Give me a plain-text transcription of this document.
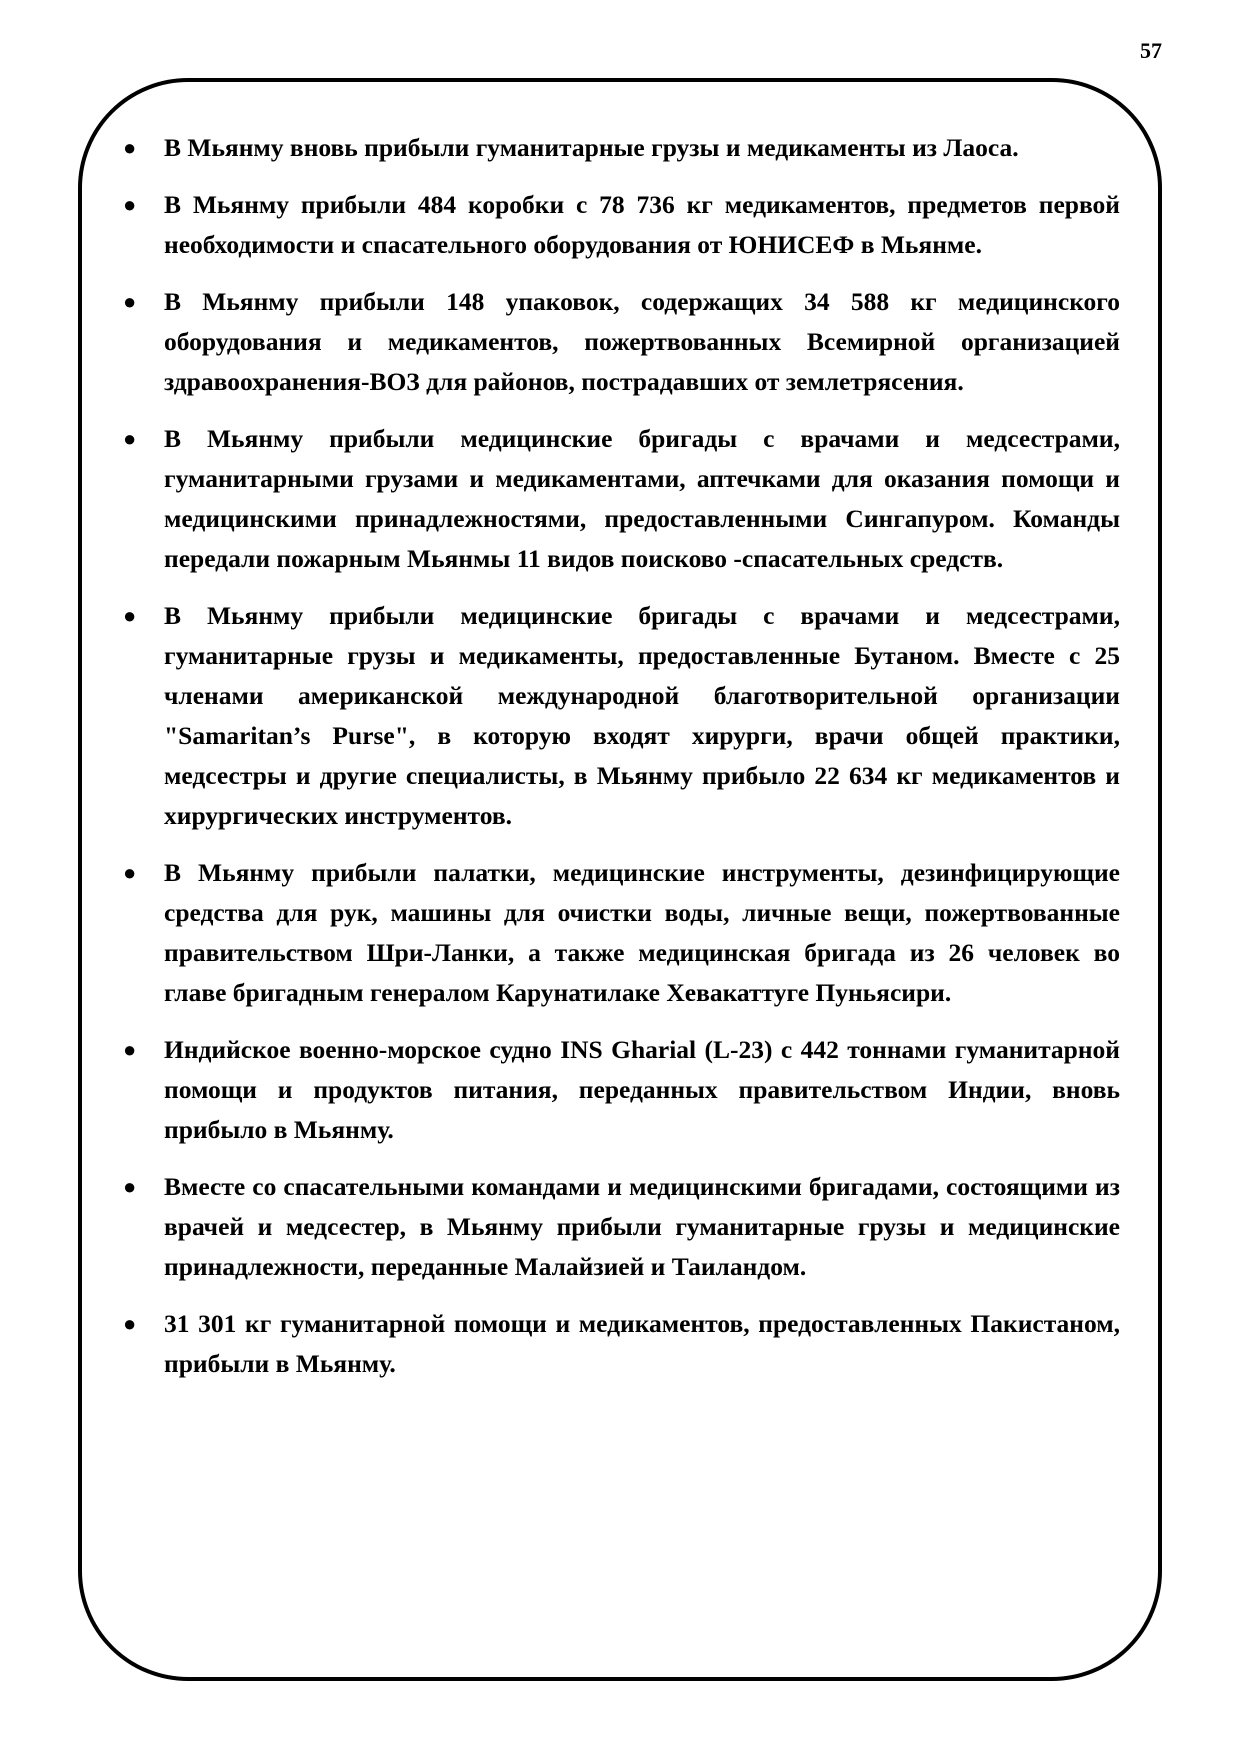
57
● В Мьянму вновь прибыли гуманитарные грузы и медикаменты из Лаоса.
● В Мьянму прибыли 484 коробки с 78 736 кг медикаментов, предметов первой необходимости и спасательного оборудования от ЮНИСЕФ в Мьянме.
● В Мьянму прибыли 148 упаковок, содержащих 34 588 кг медицинского оборудования и медикаментов, пожертвованных Всемирной организацией здравоохранения-ВОЗ для районов, пострадавших от землетрясения.
● В Мьянму прибыли медицинские бригады с врачами и медсестрами, гуманитарными грузами и медикаментами, аптечками для оказания помощи и медицинскими принадлежностями, предоставленными Сингапуром. Команды передали пожарным Мьянмы 11 видов поисково -спасательных средств.
● В Мьянму прибыли медицинские бригады с врачами и медсестрами, гуманитарные грузы и медикаменты, предоставленные Бутаном. Вместе с 25 членами американской международной благотворительной организации "Samaritan’s Purse", в которую входят хирурги, врачи общей практики, медсестры и другие специалисты, в Мьянму прибыло 22 634 кг медикаментов и хирургических инструментов.
● В Мьянму прибыли палатки, медицинские инструменты, дезинфицирующие средства для рук, машины для очистки воды, личные вещи, пожертвованные правительством Шри-Ланки, а также медицинская бригада из 26 человек во главе бригадным генералом Карунатилаке Хевакаттуге Пуньясири.
● Индийское военно-морское судно INS Gharial (L-23) с 442 тоннами гуманитарной помощи и продуктов питания, переданных правительством Индии, вновь прибыло в Мьянму.
● Вместе со спасательными командами и медицинскими бригадами, состоящими из врачей и медсестер, в Мьянму прибыли гуманитарные грузы и медицинские принадлежности, переданные Малайзией и Таиландом.
● 31 301 кг гуманитарной помощи и медикаментов, предоставленных Пакистаном, прибыли в Мьянму.
